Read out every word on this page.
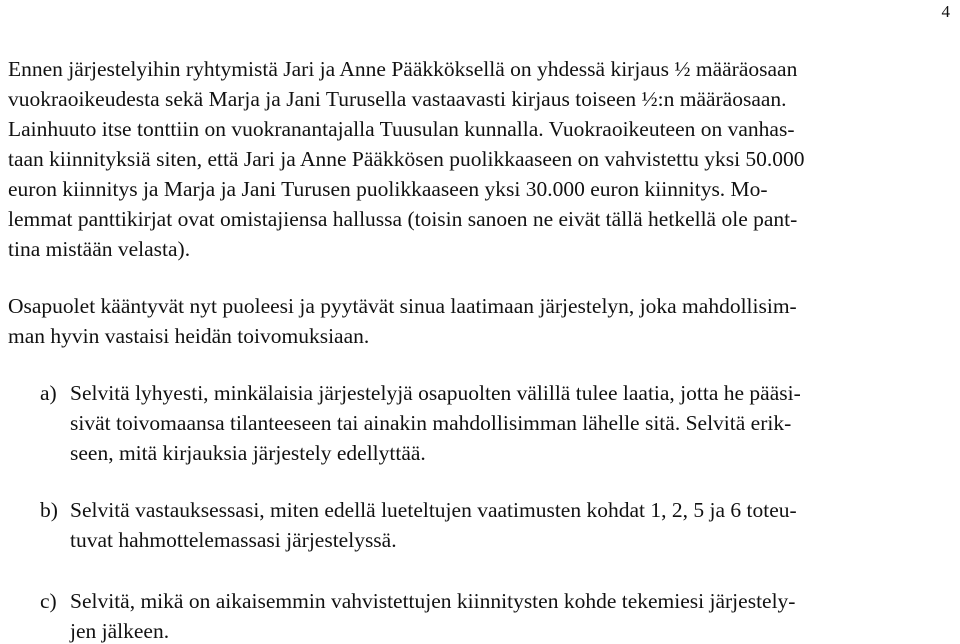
4
Ennen järjestelyihin ryhtymistä Jari ja Anne Pääkköksellä on yhdessä kirjaus ½ määräosaan
vuokraoikeudesta sekä Marja ja Jani Turusella vastaavasti kirjaus toiseen ½:n määräosaan.
Lainhuuto itse tonttiin on vuokranantajalla Tuusulan kunnalla. Vuokraoikeuteen on vanhas-
taan kiinnityksiä siten, että Jari ja Anne Pääkkösen puolikkaaseen on vahvistettu yksi 50.000
euron kiinnitys ja Marja ja Jani Turusen puolikkaaseen yksi 30.000 euron kiinnitys. Mo-
lemmat panttikirjat ovat omistajiensa hallussa (toisin sanoen ne eivät tällä hetkellä ole pant-
tina mistään velasta).
Osapuolet kääntyvät nyt puoleesi ja pyytävät sinua laatimaan järjestelyn, joka mahdollisim-
man hyvin vastaisi heidän toivomuksiaan.
a) Selvitä lyhyesti, minkälaisia järjestelyjä osapuolten välillä tulee laatia, jotta he pääsi-
sivät toivomaansa tilanteeseen tai ainakin mahdollisimman lähelle sitä. Selvitä erik-
seen, mitä kirjauksia järjestely edellyttää.
b) Selvitä vastauksessasi, miten edellä lueteltujen vaatimusten kohdat 1, 2, 5 ja 6 toteu-
tuvat hahmottelemassasi järjestelyssä.
c) Selvitä, mikä on aikaisemmin vahvistettujen kiinnitysten kohde tekemiesi järjestely-
jen jälkeen.
